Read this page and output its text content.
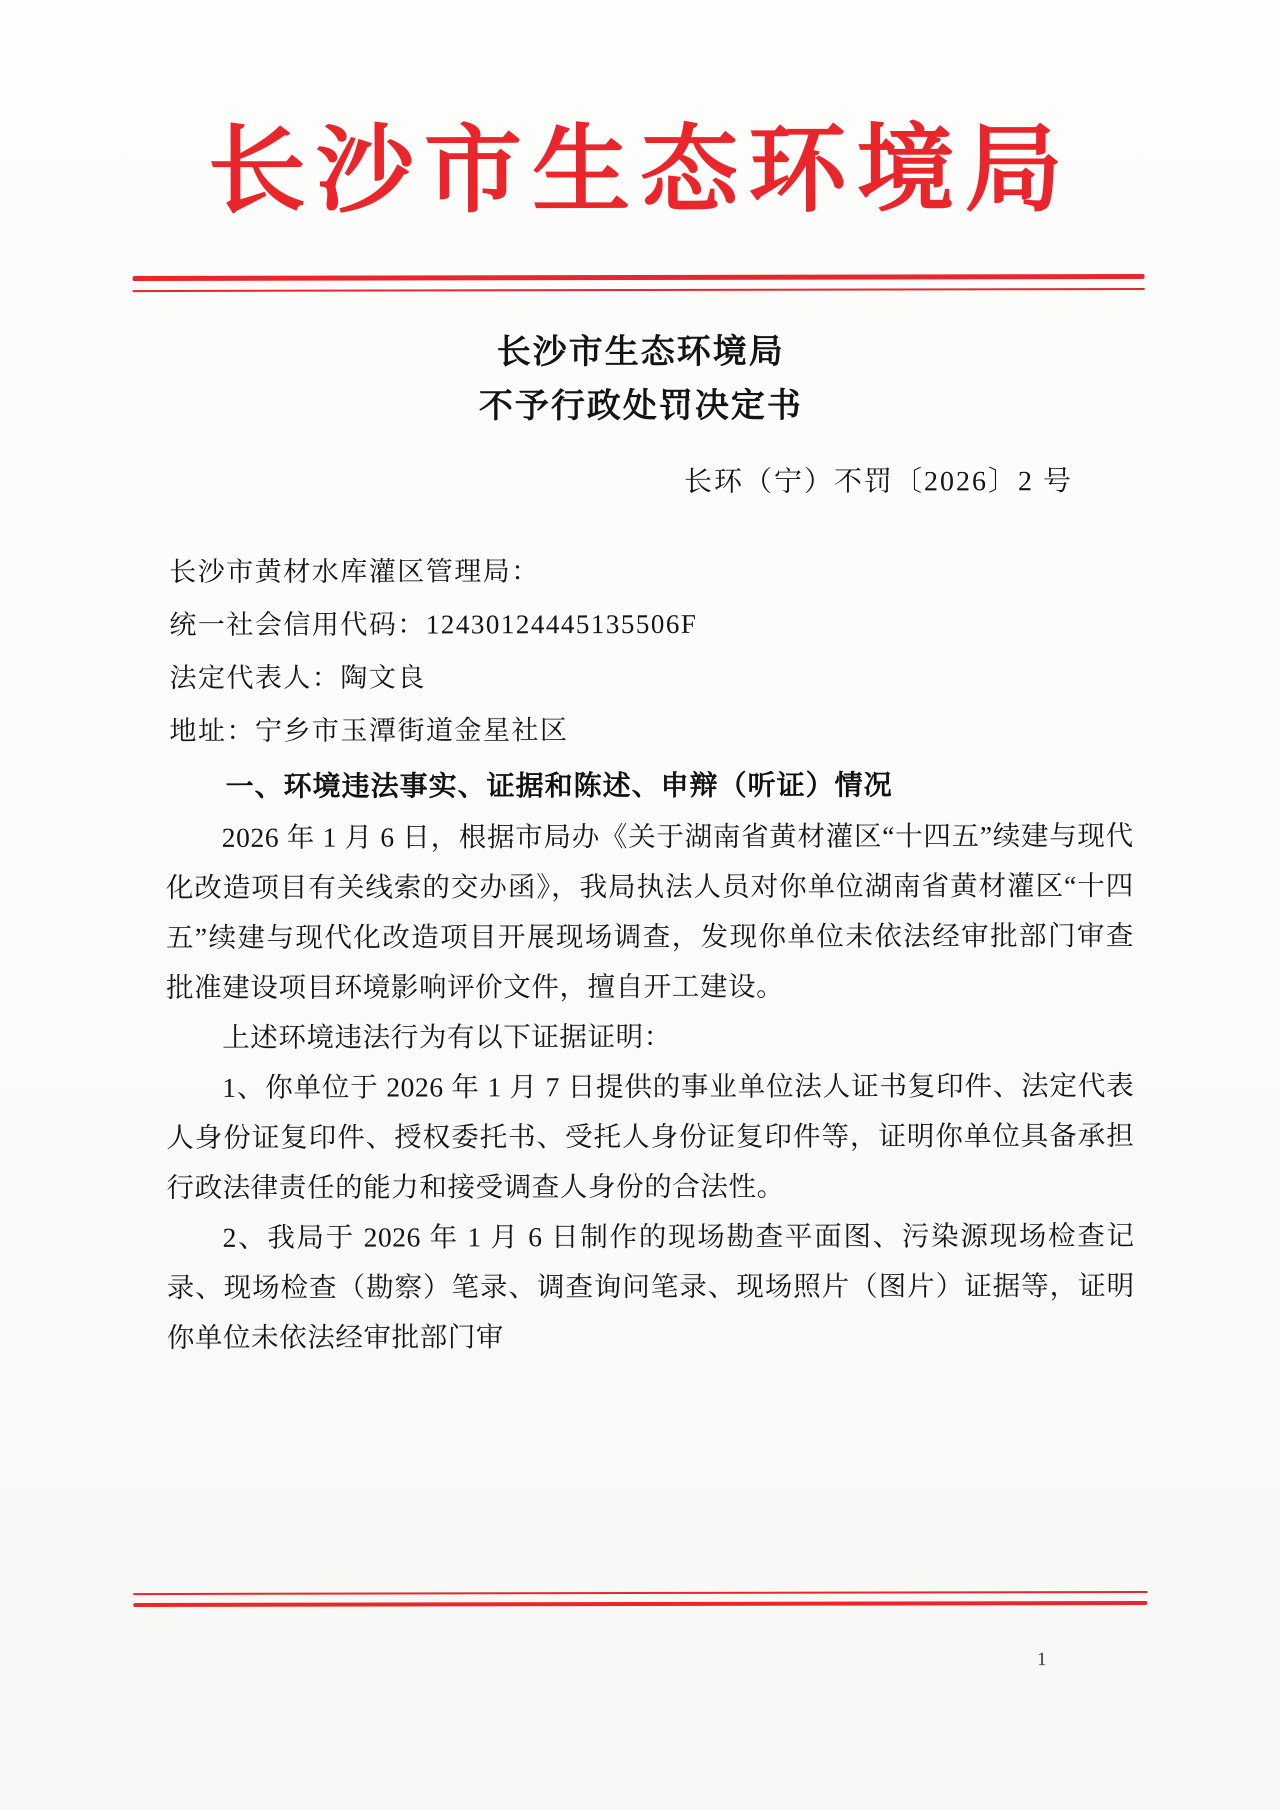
长沙市生态环境局
长沙市生态环境局
不予行政处罚决定书
长环（宁）不罚〔2026〕2 号
长沙市黄材水库灌区管理局：
统一社会信用代码：12430124445135506F
法定代表人：陶文良
地址：宁乡市玉潭街道金星社区
一、环境违法事实、证据和陈述、申辩（听证）情况

2026 年 1 月 6 日，根据市局办《关于湖南省黄材灌区“十四五”续建与现代化改造项目有关线索的交办函》，我局执法人员对你单位湖南省黄材灌区“十四五”续建与现代化改造项目开展现场调查，发现你单位未依法经审批部门审查批准建设项目环境影响评价文件，擅自开工建设。

上述环境违法行为有以下证据证明：

1、你单位于 2026 年 1 月 7 日提供的事业单位法人证书复印件、法定代表人身份证复印件、授权委托书、受托人身份证复印件等，证明你单位具备承担行政法律责任的能力和接受调查人身份的合法性。

2、我局于 2026 年 1 月 6 日制作的现场勘查平面图、污染源现场检查记录、现场检查（勘察）笔录、调查询问笔录、现场照片（图片）证据等，证明你单位未依法经审批部门审

1
